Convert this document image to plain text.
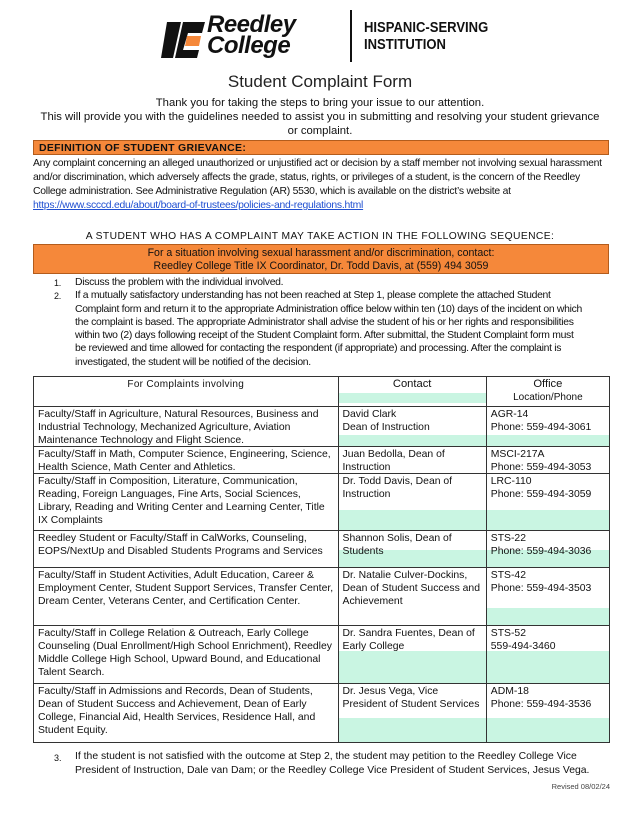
Reedley
College
HISPANIC-SERVING
INSTITUTION
Student Complaint Form
Thank you for taking the steps to bring your issue to our attention.
This will provide you with the guidelines needed to assist you in submitting and resolving your student grievance or complaint.
DEFINITION OF STUDENT GRIEVANCE:
Any complaint concerning an alleged unauthorized or unjustified act or decision by a staff member not involving sexual harassment and/or discrimination, which adversely affects the grade, status, rights, or privileges of a student, is the concern of the Reedley College administration. See Administrative Regulation (AR) 5530, which is available on the district’s website at https://www.scccd.edu/about/board-of-trustees/policies-and-regulations.html
A STUDENT WHO HAS A COMPLAINT MAY TAKE ACTION IN THE FOLLOWING SEQUENCE:
For a situation involving sexual harassment and/or discrimination, contact:
Reedley College Title IX Coordinator, Dr. Todd Davis, at (559) 494 3059
1. Discuss the problem with the individual involved.
2. If a mutually satisfactory understanding has not been reached at Step 1, please complete the attached Student Complaint form and return it to the appropriate Administration office below within ten (10) days of the incident on which the complaint is based. The appropriate Administrator shall advise the student of his or her rights and responsibilities within two (2) days following receipt of the Student Complaint form. After submittal, the Student Complaint form must be reviewed and time allowed for contacting the respondent (if appropriate) and processing. After the complaint is investigated, the student will be notified of the decision.
For Complaints involving	Contact	Office
Location/Phone

Faculty/Staff in Agriculture, Natural Resources, Business and Industrial Technology, Mechanized Agriculture, Aviation Maintenance Technology and Flight Science.	David Clark
Dean of Instruction	AGR-14
Phone: 559-494-3061

Faculty/Staff in Math, Computer Science, Engineering, Science, Health Science, Math Center and Athletics.	Juan Bedolla, Dean of Instruction	MSCI-217A
Phone: 559-494-3053

Faculty/Staff in Composition, Literature, Communication, Reading, Foreign Languages, Fine Arts, Social Sciences, Library, Reading and Writing Center and Learning Center, Title IX Complaints	Dr. Todd Davis, Dean of Instruction	LRC-110
Phone: 559-494-3059

Reedley Student or Faculty/Staff in CalWorks, Counseling, EOPS/NextUp and Disabled Students Programs and Services	Shannon Solis, Dean of Students	STS-22
Phone: 559-494-3036

Faculty/Staff in Student Activities, Adult Education, Career & Employment Center, Student Support Services, Transfer Center, Dream Center, Veterans Center, and Certification Center.	Dr. Natalie Culver-Dockins, Dean of Student Success and Achievement	STS-42
Phone: 559-494-3503

Faculty/Staff in College Relation & Outreach, Early College Counseling (Dual Enrollment/High School Enrichment), Reedley Middle College High School, Upward Bound, and Educational Talent Search.	Dr. Sandra Fuentes, Dean of Early College	STS-52
559-494-3460

Faculty/Staff in Admissions and Records, Dean of Students, Dean of Student Success and Achievement, Dean of Early College, Financial Aid, Health Services, Residence Hall, and Student Equity.	Dr. Jesus Vega, Vice President of Student Services	ADM-18
Phone: 559-494-3536
3.	If the student is not satisfied with the outcome at Step 2, the student may petition to the Reedley College Vice President of Instruction, Dale van Dam; or the Reedley College Vice President of Student Services, Jesus Vega.
Revised 08/02/24
